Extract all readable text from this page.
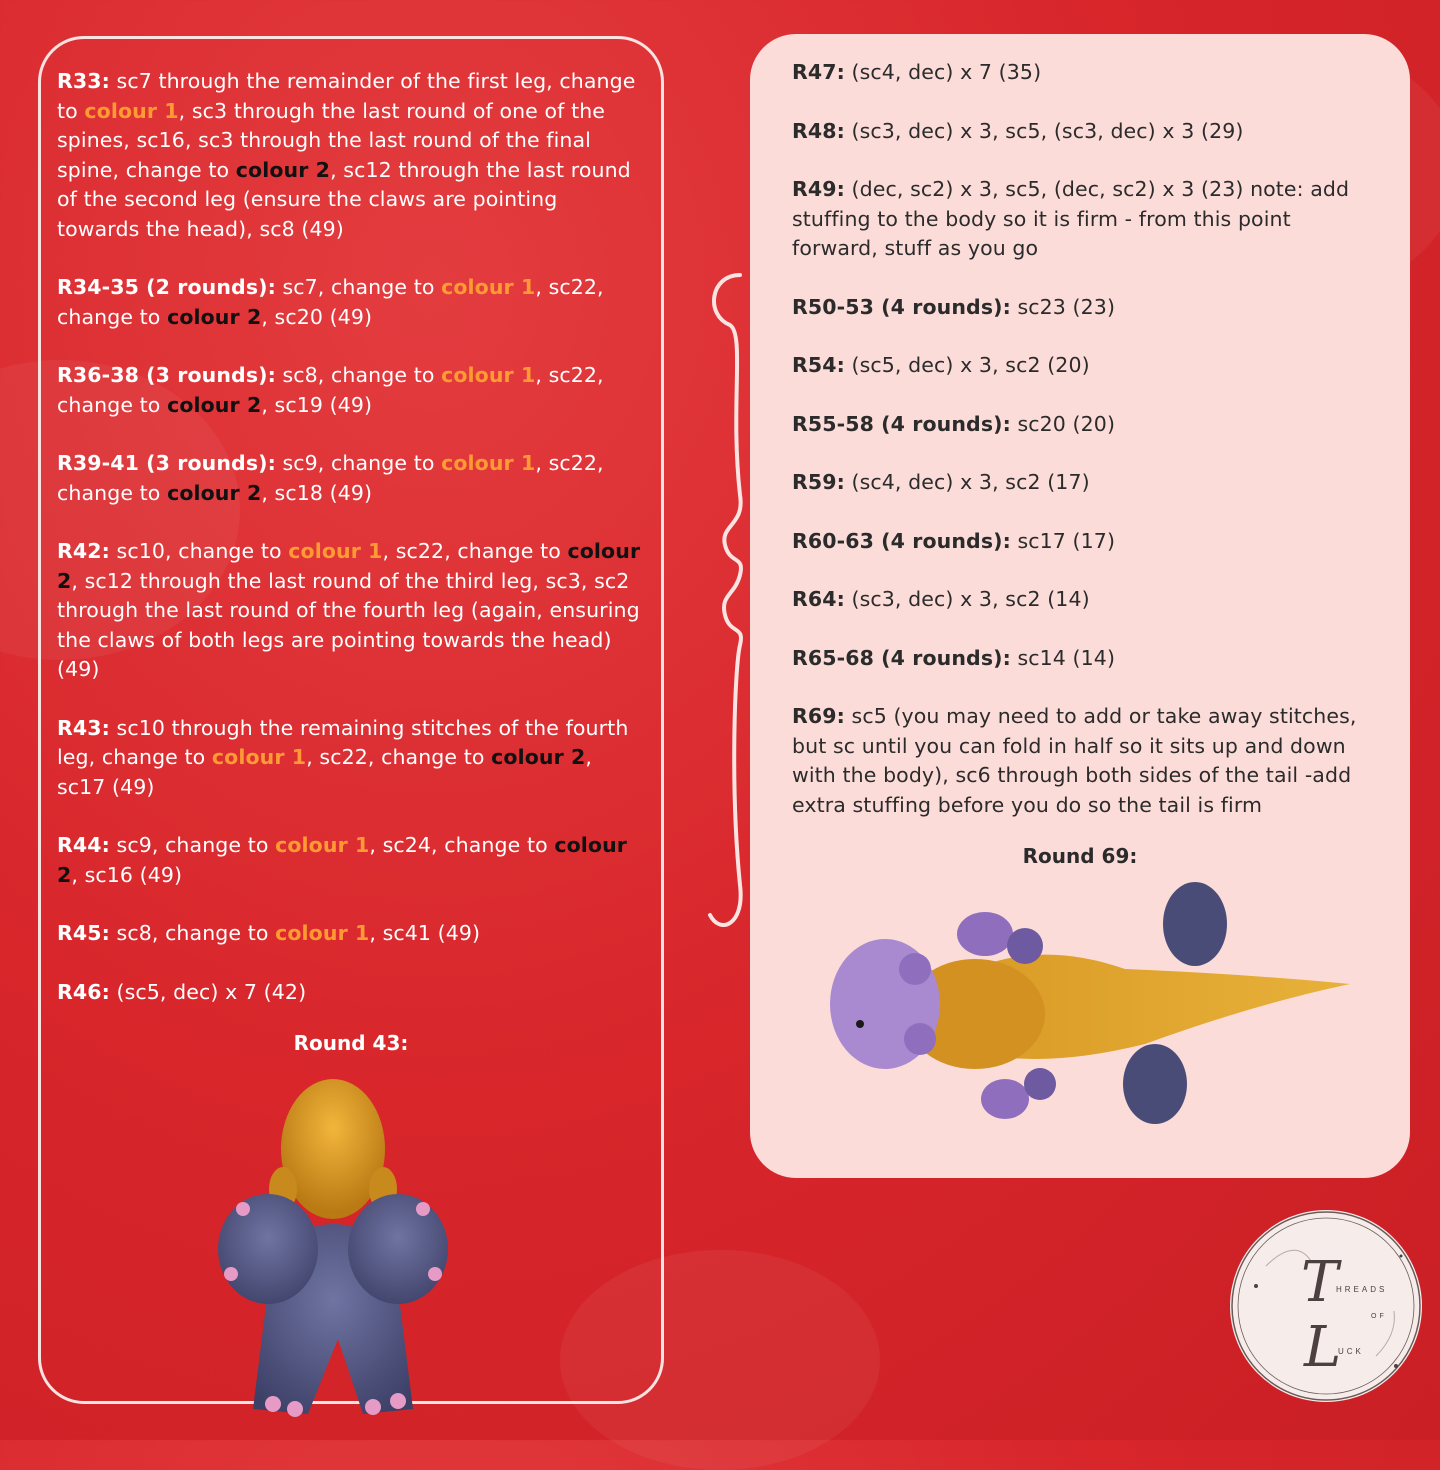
R33: sc7 through the remainder of the first leg, change to colour 1, sc3 through the last round of one of the spines, sc16, sc3 through the last round of the final spine, change to colour 2, sc12 through the last round of the second leg (ensure the claws are pointing towards the head), sc8 (49)

R34-35 (2 rounds): sc7, change to colour 1, sc22, change to colour 2, sc20 (49)

R36-38 (3 rounds): sc8, change to colour 1, sc22, change to colour 2, sc19 (49)

R39-41 (3 rounds): sc9, change to colour 1, sc22, change to colour 2, sc18 (49)

R42: sc10, change to colour 1, sc22, change to colour 2, sc12 through the last round of the third leg, sc3, sc2 through the last round of the fourth leg (again, ensuring the claws of both legs are pointing towards the head) (49)

R43: sc10 through the remaining stitches of the fourth leg, change to colour 1, sc22, change to colour 2, sc17 (49)

R44: sc9, change to colour 1, sc24, change to colour 2, sc16 (49)

R45: sc8, change to colour 1, sc41 (49)

R46: (sc5, dec) x 7 (42)

Round 43:

R47: (sc4, dec) x 7 (35)

R48: (sc3, dec) x 3, sc5, (sc3, dec) x 3 (29)

R49: (dec, sc2) x 3, sc5, (dec, sc2) x 3 (23) note: add stuffing to the body so it is firm - from this point forward, stuff as you go

R50-53 (4 rounds): sc23 (23)

R54: (sc5, dec) x 3, sc2 (20)

R55-58 (4 rounds): sc20 (20)

R59: (sc4, dec) x 3, sc2 (17)

R60-63 (4 rounds): sc17 (17)

R64: (sc3, dec) x 3, sc2 (14)

R65-68 (4 rounds): sc14 (14)

R69: sc5 (you may need to add or take away stitches, but sc until you can fold in half so it sits up and down with the body), sc6 through both sides of the tail -add extra stuffing before you do so the tail is firm

Round 69:
T
HREADS
OF
L
UCK
